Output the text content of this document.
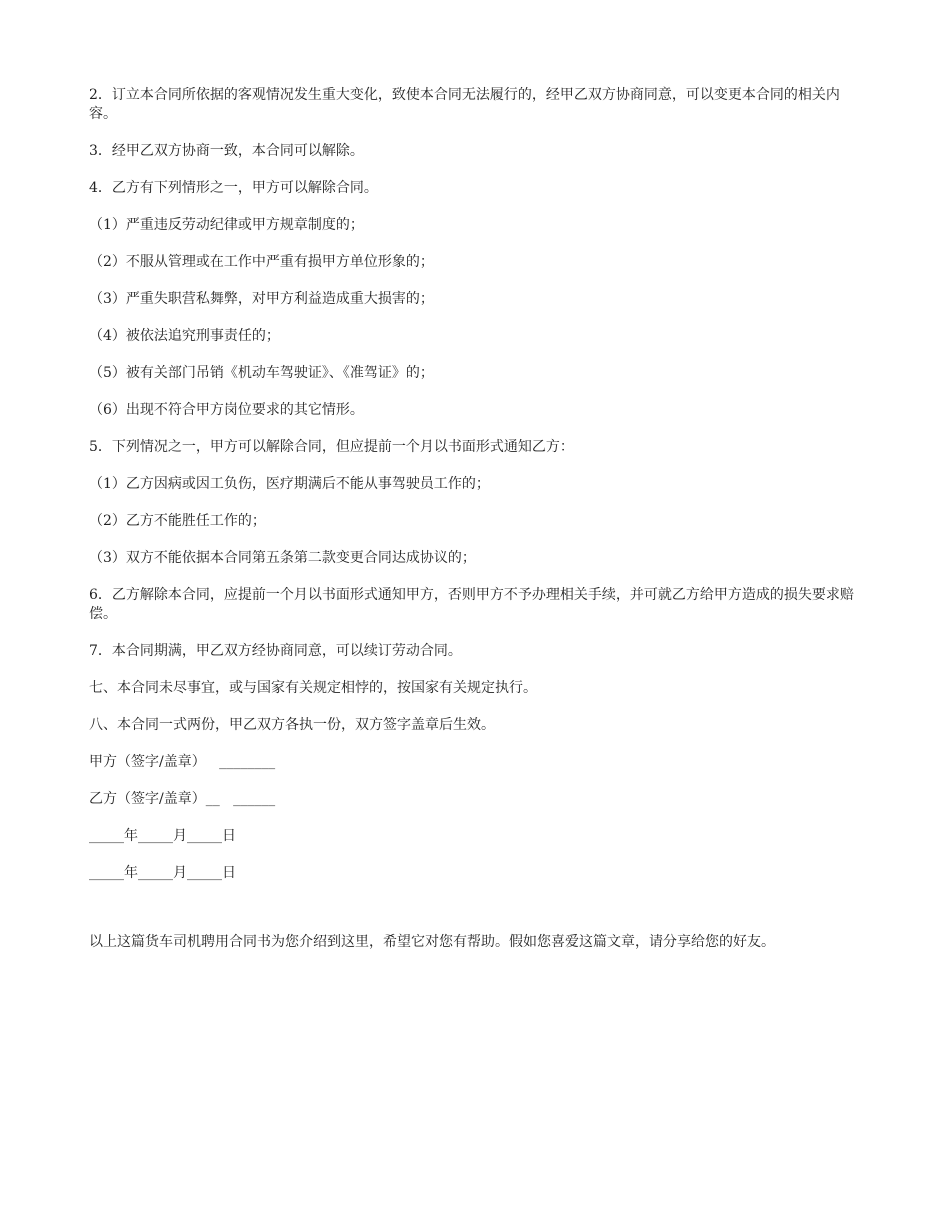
2．订立本合同所依据的客观情况发生重大变化，致使本合同无法履行的，经甲乙双方协商同意，可以变更本合同的相关内容。

3．经甲乙双方协商一致，本合同可以解除。

4．乙方有下列情形之一，甲方可以解除合同。

（1）严重违反劳动纪律或甲方规章制度的；

（2）不服从管理或在工作中严重有损甲方单位形象的；

（3）严重失职营私舞弊，对甲方利益造成重大损害的；

（4）被依法追究刑事责任的；

（5）被有关部门吊销《机动车驾驶证》、《准驾证》的；

（6）出现不符合甲方岗位要求的其它情形。

5．下列情况之一，甲方可以解除合同，但应提前一个月以书面形式通知乙方：

（1）乙方因病或因工负伤，医疗期满后不能从事驾驶员工作的；

（2）乙方不能胜任工作的；

（3）双方不能依据本合同第五条第二款变更合同达成协议的；

6．乙方解除本合同，应提前一个月以书面形式通知甲方，否则甲方不予办理相关手续，并可就乙方给甲方造成的损失要求赔偿。

7．本合同期满，甲乙双方经协商同意，可以续订劳动合同。

七、本合同未尽事宜，或与国家有关规定相悖的，按国家有关规定执行。

八、本合同一式两份，甲乙双方各执一份，双方签字盖章后生效。

甲方（签字/盖章）   ________

乙方（签字/盖章）__   ______

_____年_____月_____日

_____年_____月_____日

以上这篇货车司机聘用合同书为您介绍到这里，希望它对您有帮助。假如您喜爱这篇文章，请分享给您的好友。
